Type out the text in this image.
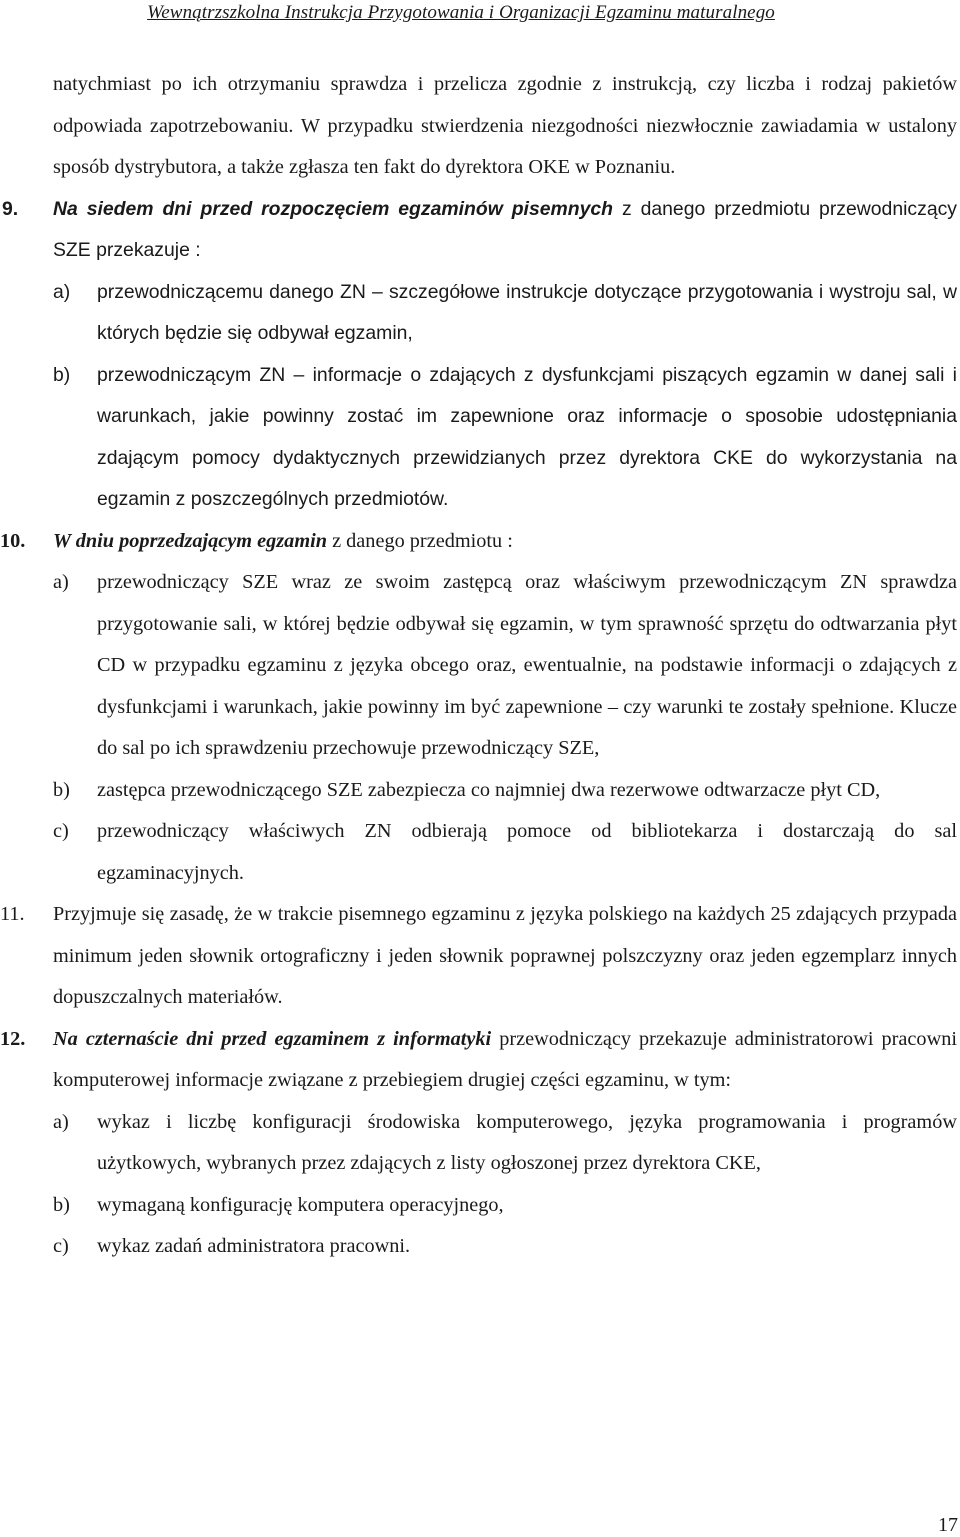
Wewnątrzszkolna Instrukcja Przygotowania i Organizacji Egzaminu maturalnego

natychmiast po ich otrzymaniu sprawdza i przelicza zgodnie z instrukcją, czy liczba i rodzaj pakietów odpowiada zapotrzebowaniu. W przypadku stwierdzenia niezgodności niezwłocznie zawiadamia w ustalony sposób dystrybutora, a także zgłasza ten fakt do dyrektora OKE w Poznaniu.

9.	Na siedem dni przed rozpoczęciem egzaminów pisemnych z danego przedmiotu przewodniczący SZE przekazuje :

a) przewodniczącemu danego ZN – szczegółowe instrukcje dotyczące przygotowania i wystroju sal, w których będzie się odbywał egzamin,

b) przewodniczącym ZN – informacje o zdających z dysfunkcjami piszących egzamin w danej sali i warunkach, jakie powinny zostać im zapewnione oraz informacje o sposobie udostępniania zdającym pomocy dydaktycznych przewidzianych przez dyrektora CKE do wykorzystania na egzamin z poszczególnych przedmiotów.

10.	W dniu poprzedzającym egzamin z danego przedmiotu :

a) przewodniczący SZE wraz ze swoim zastępcą oraz właściwym przewodniczącym ZN sprawdza przygotowanie sali, w której będzie odbywał się egzamin, w tym sprawność sprzętu do odtwarzania płyt CD w przypadku egzaminu z języka obcego oraz, ewentualnie, na podstawie informacji o zdających z dysfunkcjami i warunkach, jakie powinny im być zapewnione – czy warunki te zostały spełnione. Klucze do sal po ich sprawdzeniu przechowuje przewodniczący SZE,

b) zastępca przewodniczącego SZE zabezpiecza co najmniej dwa rezerwowe odtwarzacze płyt CD,

c) przewodniczący właściwych ZN odbierają pomoce od bibliotekarza i dostarczają do sal egzaminacyjnych.

11.	Przyjmuje się zasadę, że w trakcie pisemnego egzaminu z języka polskiego na każdych 25 zdających przypada minimum jeden słownik ortograficzny i jeden słownik poprawnej polszczyzny oraz jeden egzemplarz innych dopuszczalnych materiałów.

12.	Na czternaście dni przed egzaminem z informatyki przewodniczący przekazuje administratorowi pracowni komputerowej informacje związane z przebiegiem drugiej części egzaminu, w tym:

a) wykaz i liczbę konfiguracji środowiska komputerowego, języka programowania i programów użytkowych, wybranych przez zdających z listy ogłoszonej przez dyrektora CKE,

b) wymaganą konfigurację komputera operacyjnego,

c) wykaz zadań administratora pracowni.

17
